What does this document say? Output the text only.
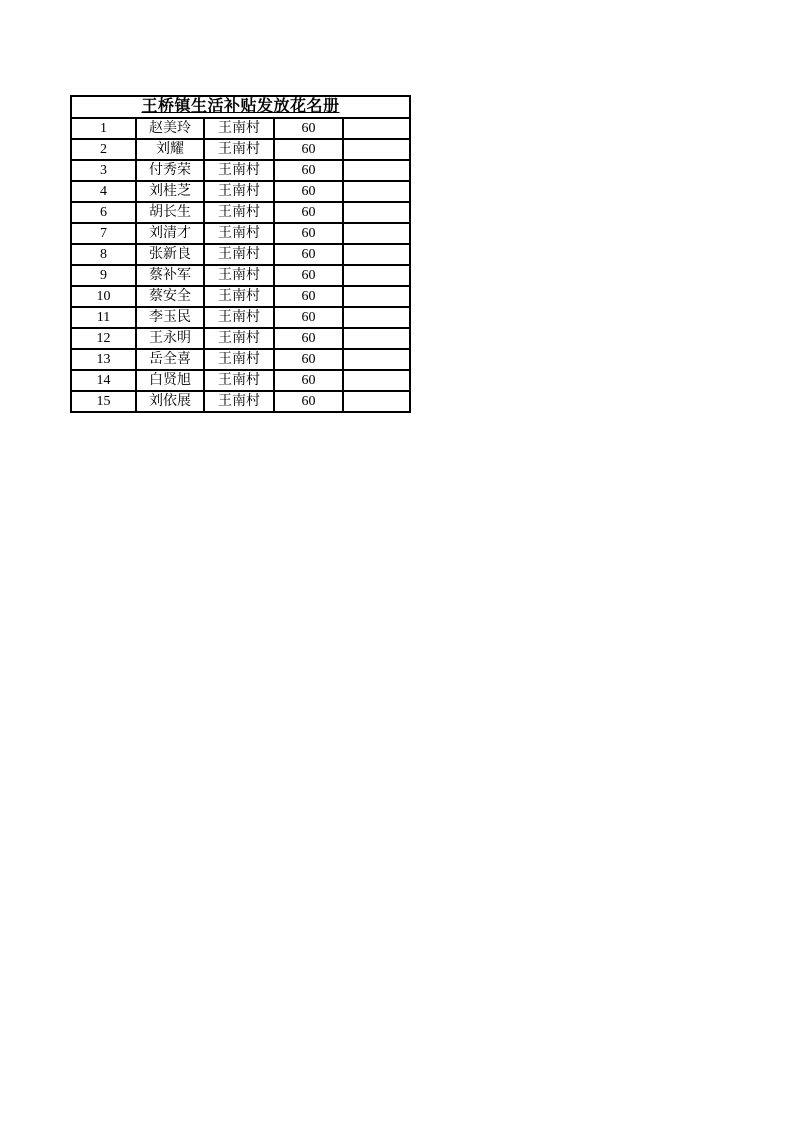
王桥镇生活补贴发放花名册				
1	赵美玲	王南村	60	
2	刘耀	王南村	60	
3	付秀荣	王南村	60	
4	刘桂芝	王南村	60	
6	胡长生	王南村	60	
7	刘清才	王南村	60	
8	张新良	王南村	60	
9	蔡补军	王南村	60	
10	蔡安全	王南村	60	
11	李玉民	王南村	60	
12	王永明	王南村	60	
13	岳全喜	王南村	60	
14	白贤旭	王南村	60	
15	刘依展	王南村	60	
